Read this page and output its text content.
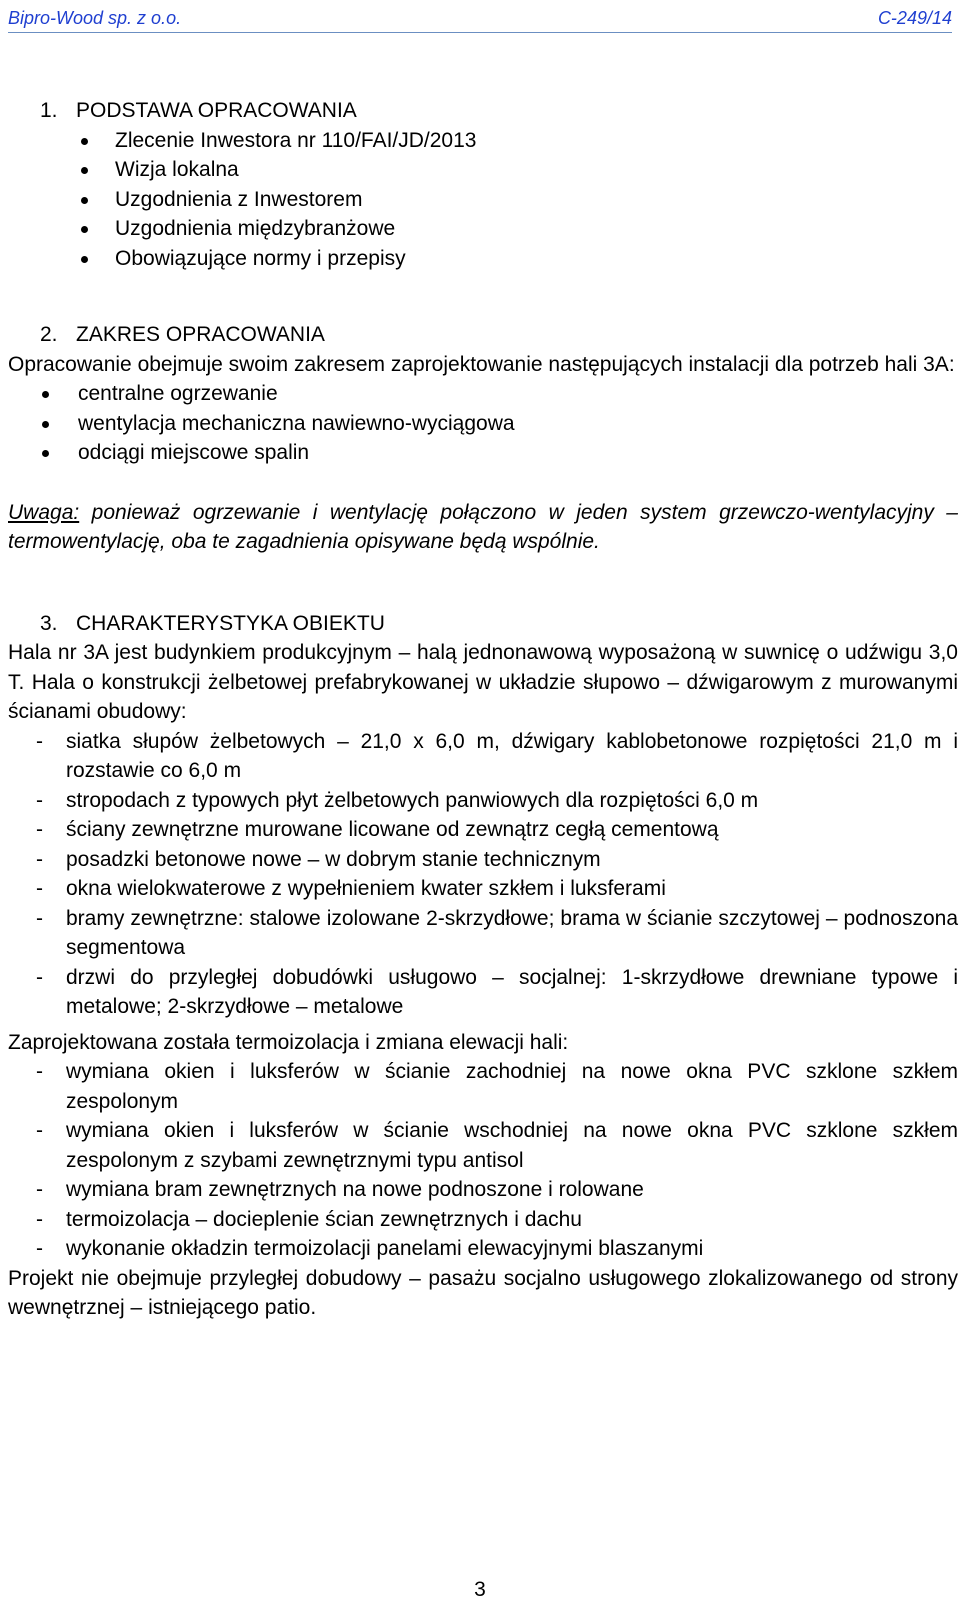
Bipro-Wood sp. z o.o.	C-249/14

1. PODSTAWA OPRACOWANIA

Zlecenie Inwestora nr 110/FAI/JD/2013
Wizja lokalna
Uzgodnienia z Inwestorem
Uzgodnienia międzybranżowe
Obowiązujące normy i przepisy

2. ZAKRES OPRACOWANIA

Opracowanie obejmuje swoim zakresem zaprojektowanie następujących instalacji dla potrzeb hali 3A:

centralne ogrzewanie
wentylacja mechaniczna nawiewno-wyciągowa
odciągi miejscowe spalin

Uwaga: ponieważ ogrzewanie i wentylację połączono w jeden system grzewczo-wentylacyjny – termowentylację, oba te zagadnienia opisywane będą wspólnie.

3. CHARAKTERYSTYKA OBIEKTU

Hala nr 3A jest budynkiem produkcyjnym – halą jednonawową wyposażoną w suwnicę o udźwigu 3,0 T. Hala o konstrukcji żelbetowej prefabrykowanej w układzie słupowo – dźwigarowym z murowanymi ścianami obudowy:

- siatka słupów żelbetowych – 21,0 x 6,0 m, dźwigary kablobetonowe rozpiętości 21,0 m i rozstawie co 6,0 m
- stropodach z typowych płyt żelbetowych panwiowych dla rozpiętości 6,0 m
- ściany zewnętrzne murowane licowane od zewnątrz cegłą cementową
- posadzki betonowe nowe – w dobrym stanie technicznym
- okna wielokwaterowe z wypełnieniem kwater szkłem i luksferami
- bramy zewnętrzne: stalowe izolowane 2-skrzydłowe; brama w ścianie szczytowej – podnoszona segmentowa
- drzwi do przyległej dobudówki usługowo – socjalnej: 1-skrzydłowe drewniane typowe i metalowe; 2-skrzydłowe – metalowe

Zaprojektowana została termoizolacja i zmiana elewacji hali:

- wymiana okien i luksferów w ścianie zachodniej na nowe okna PVC szklone szkłem zespolonym
- wymiana okien i luksferów w ścianie wschodniej na nowe okna PVC szklone szkłem zespolonym z szybami zewnętrznymi typu antisol
- wymiana bram zewnętrznych na nowe podnoszone i rolowane
- termoizolacja – docieplenie ścian zewnętrznych i dachu
- wykonanie okładzin termoizolacji panelami elewacyjnymi blaszanymi

Projekt nie obejmuje przyległej dobudowy – pasażu socjalno usługowego zlokalizowanego od strony wewnętrznej – istniejącego patio.

3
